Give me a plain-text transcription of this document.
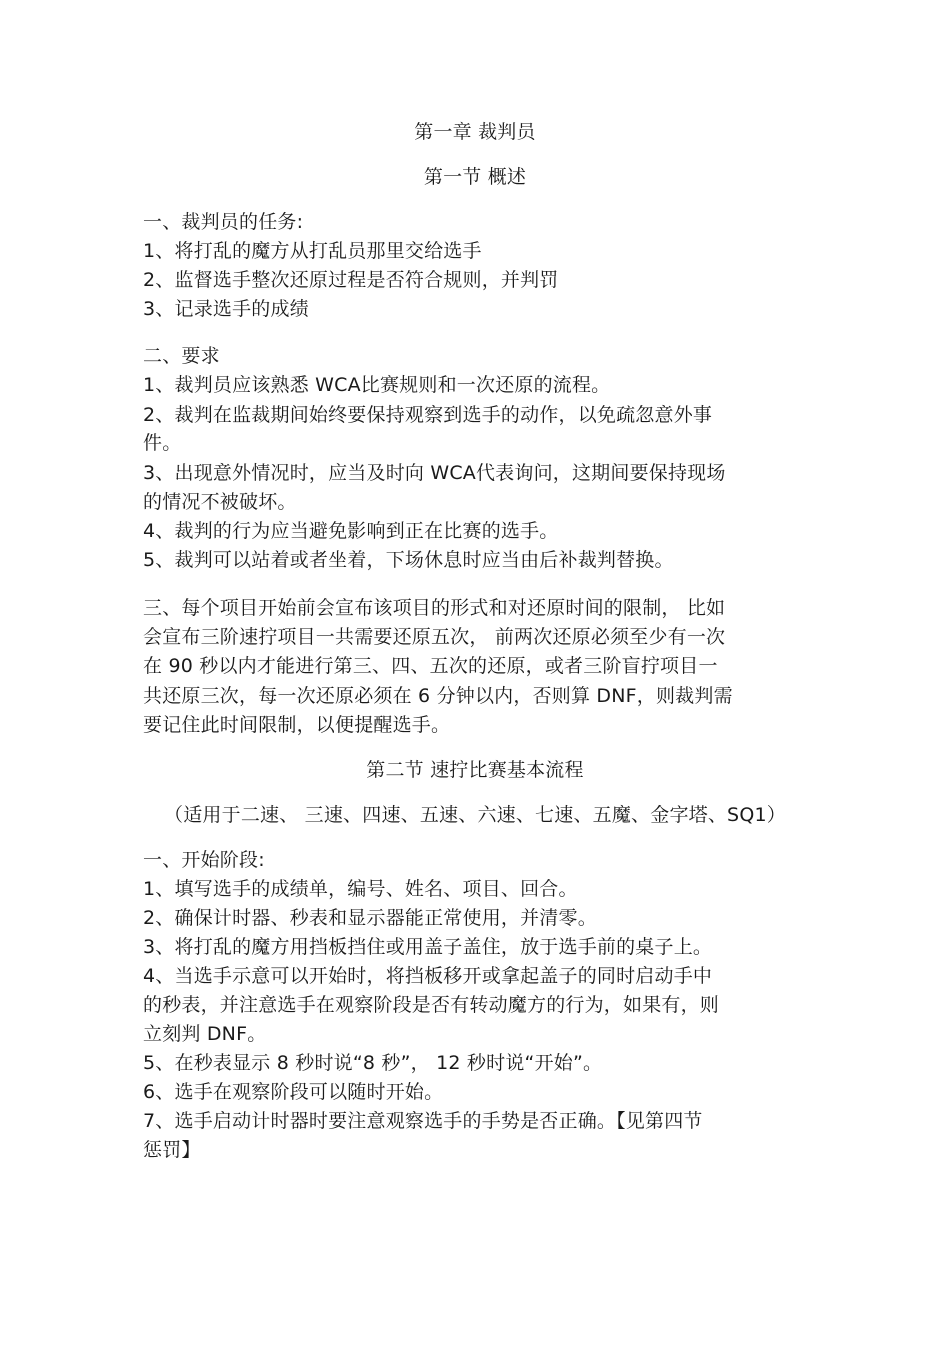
第一章 裁判员
第一节 概述
一、裁判员的任务:
1、将打乱的魔方从打乱员那里交给选手
2、监督选手整次还原过程是否符合规则，并判罚
3、记录选手的成绩
二、要求
1、裁判员应该熟悉 WCA比赛规则和一次还原的流程。
2、裁判在监裁期间始终要保持观察到选手的动作，以免疏忽意外事
件。
3、出现意外情况时，应当及时向 WCA代表询问，这期间要保持现场
的情况不被破坏。
4、裁判的行为应当避免影响到正在比赛的选手。
5、裁判可以站着或者坐着，下场休息时应当由后补裁判替换。
三、每个项目开始前会宣布该项目的形式和对还原时间的限制， 比如
会宣布三阶速拧项目一共需要还原五次， 前两次还原必须至少有一次
在 90 秒以内才能进行第三、四、五次的还原，或者三阶盲拧项目一
共还原三次，每一次还原必须在 6 分钟以内，否则算 DNF，则裁判需
要记住此时间限制，以便提醒选手。
第二节 速拧比赛基本流程
（适用于二速、 三速、四速、五速、六速、七速、五魔、金字塔、SQ1）
一、开始阶段:
1、填写选手的成绩单，编号、姓名、项目、回合。
2、确保计时器、秒表和显示器能正常使用，并清零。
3、将打乱的魔方用挡板挡住或用盖子盖住，放于选手前的桌子上。
4、当选手示意可以开始时，将挡板移开或拿起盖子的同时启动手中
的秒表，并注意选手在观察阶段是否有转动魔方的行为，如果有，则
立刻判 DNF。
5、在秒表显示 8 秒时说“8 秒”， 12 秒时说“开始”。
6、选手在观察阶段可以随时开始。
7、选手启动计时器时要注意观察选手的手势是否正确。【见第四节
惩罚】
